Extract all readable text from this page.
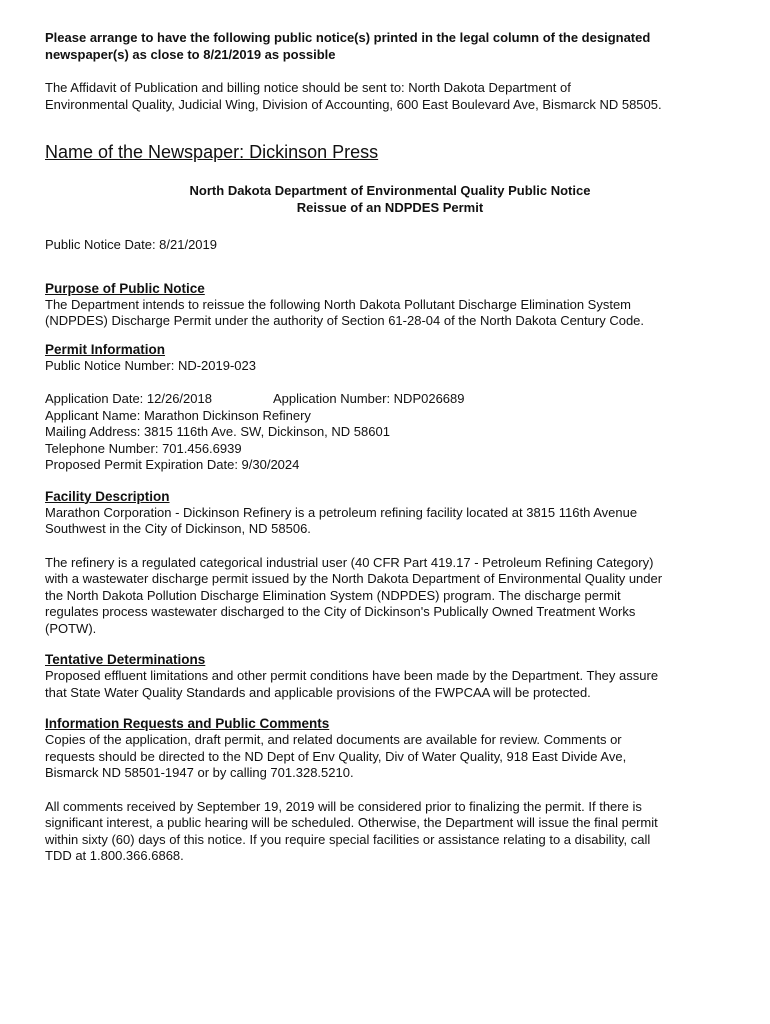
Please arrange to have the following public notice(s) printed in the legal column of the designated

newspaper(s) as close to 8/21/2019 as possible

The Affidavit of Publication and billing notice should be sent to: North Dakota Department of

Environmental Quality, Judicial Wing, Division of Accounting, 600 East Boulevard Ave, Bismarck ND 58505.

Name of the Newspaper: Dickinson Press

North Dakota Department of Environmental Quality Public Notice

Reissue of an NDPDES Permit

Public Notice Date: 8/21/2019

Purpose of Public Notice

The Department intends to reissue the following North Dakota Pollutant Discharge Elimination System

(NDPDES) Discharge Permit under the authority of Section 61-28-04 of the North Dakota Century Code.

Permit Information

Public Notice Number: ND-2019-023

Application Date: 12/26/2018	Application Number: NDP026689

Applicant Name: Marathon Dickinson Refinery

Mailing Address: 3815 116th Ave. SW, Dickinson, ND 58601

Telephone Number: 701.456.6939

Proposed Permit Expiration Date: 9/30/2024

Facility Description

Marathon Corporation - Dickinson Refinery is a petroleum refining facility located at 3815 116th Avenue

Southwest in the City of Dickinson, ND 58506.

The refinery is a regulated categorical industrial user (40 CFR Part 419.17 - Petroleum Refining Category)

with a wastewater discharge permit issued by the North Dakota Department of Environmental Quality under

the North Dakota Pollution Discharge Elimination System (NDPDES) program. The discharge permit

regulates process wastewater discharged to the City of Dickinson's Publically Owned Treatment Works

(POTW).

Tentative Determinations

Proposed effluent limitations and other permit conditions have been made by the Department. They assure

that State Water Quality Standards and applicable provisions of the FWPCAA will be protected.

Information Requests and Public Comments

Copies of the application, draft permit, and related documents are available for review. Comments or

requests should be directed to the ND Dept of Env Quality, Div of Water Quality, 918 East Divide Ave,

Bismarck ND 58501-1947 or by calling 701.328.5210.

All comments received by September 19, 2019 will be considered prior to finalizing the permit. If there is

significant interest, a public hearing will be scheduled. Otherwise, the Department will issue the final permit

within sixty (60) days of this notice. If you require special facilities or assistance relating to a disability, call

TDD at 1.800.366.6868.
